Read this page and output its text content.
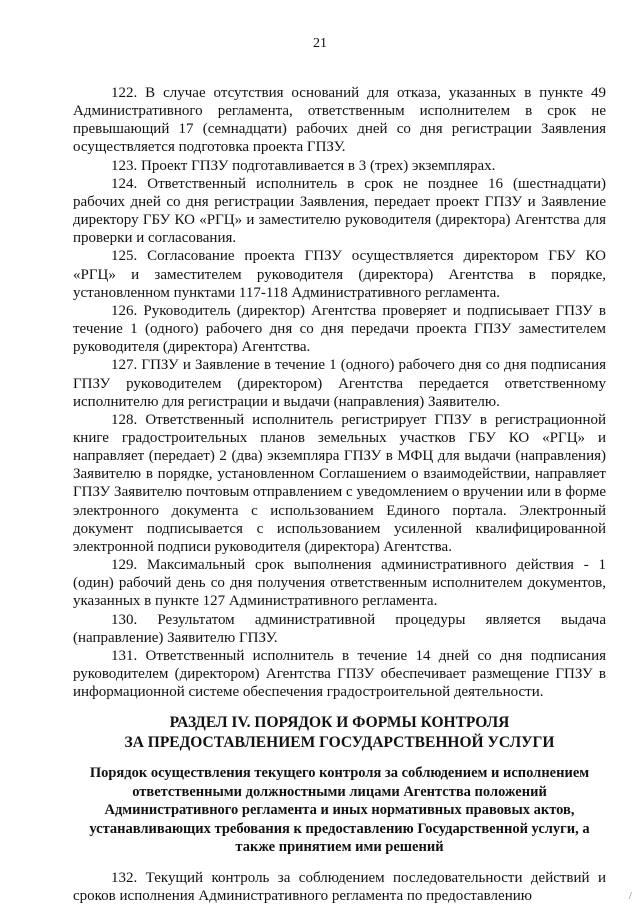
21

122. В случае отсутствия оснований для отказа, указанных в пункте 49 Административного регламента, ответственным исполнителем в срок не превышающий 17 (семнадцати) рабочих дней со дня регистрации Заявления осуществляется подготовка проекта ГПЗУ.

123. Проект ГПЗУ подготавливается в 3 (трех) экземплярах.

124. Ответственный исполнитель в срок не позднее 16 (шестнадцати) рабочих дней со дня регистрации Заявления, передает проект ГПЗУ и Заявление директору ГБУ КО «РГЦ» и заместителю руководителя (директора) Агентства для проверки и согласования.

125. Согласование проекта ГПЗУ осуществляется директором ГБУ КО «РГЦ» и заместителем руководителя (директора) Агентства в порядке, установленном пунктами 117-118 Административного регламента.

126. Руководитель (директор) Агентства проверяет и подписывает ГПЗУ в течение 1 (одного) рабочего дня со дня передачи проекта ГПЗУ заместителем руководителя (директора) Агентства.

127. ГПЗУ и Заявление в течение 1 (одного) рабочего дня со дня подписания ГПЗУ руководителем (директором) Агентства передается ответственному исполнителю для регистрации и выдачи (направления) Заявителю.

128. Ответственный исполнитель регистрирует ГПЗУ в регистрационной книге градостроительных планов земельных участков ГБУ КО «РГЦ» и направляет (передает) 2 (два) экземпляра ГПЗУ в МФЦ для выдачи (направления) Заявителю в порядке, установленном Соглашением о взаимодействии, направляет ГПЗУ Заявителю почтовым отправлением с уведомлением о вручении или в форме электронного документа с использованием Единого портала. Электронный документ подписывается с использованием усиленной квалифицированной электронной подписи руководителя (директора) Агентства.

129. Максимальный срок выполнения административного действия - 1 (один) рабочий день со дня получения ответственным исполнителем документов, указанных в пункте 127 Административного регламента.

130. Результатом административной процедуры является выдача (направление) Заявителю ГПЗУ.

131. Ответственный исполнитель в течение 14 дней со дня подписания руководителем (директором) Агентства ГПЗУ обеспечивает размещение ГПЗУ в информационной системе обеспечения градостроительной деятельности.

РАЗДЕЛ IV. ПОРЯДОК И ФОРМЫ КОНТРОЛЯ
ЗА ПРЕДОСТАВЛЕНИЕМ ГОСУДАРСТВЕННОЙ УСЛУГИ
Порядок осуществления текущего контроля за соблюдением и исполнением ответственными должностными лицами Агентства положений Административного регламента и иных нормативных правовых актов, устанавливающих требования к предоставлению Государственной услуги, а также принятием ими решений

132. Текущий контроль за соблюдением последовательности действий и сроков исполнения Административного регламента по предоставлению	/
